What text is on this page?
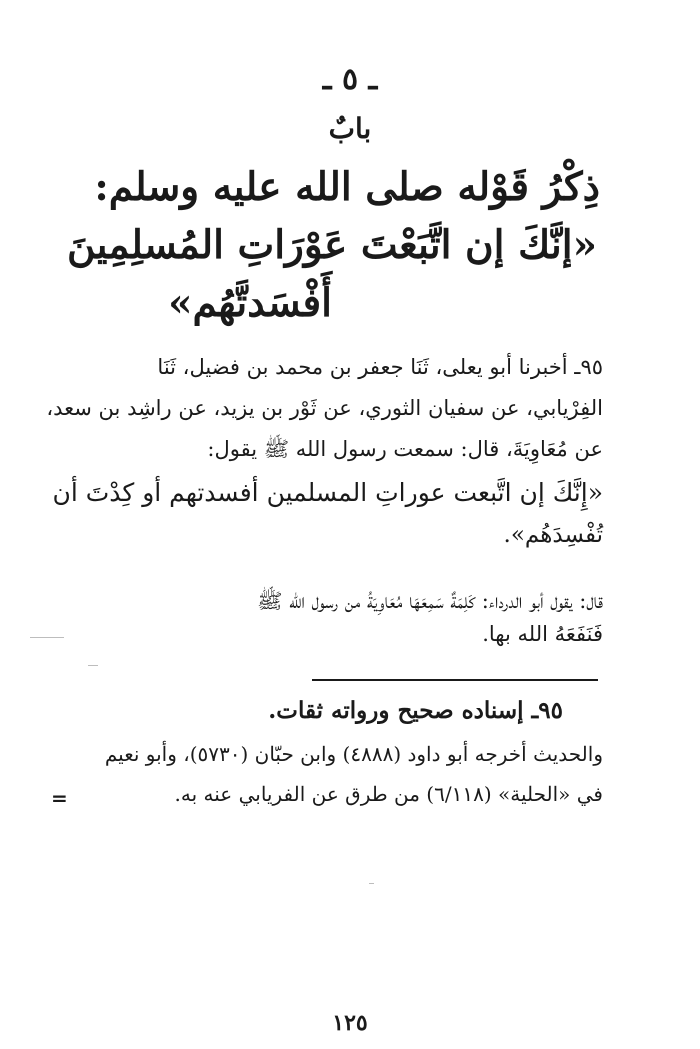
ـ ٥ ـ
بابٌ
ذِكْرُ قَوْله صلى الله عليه وسلم:
«إنَّكَ إن اتَّبَعْتَ عَوْرَاتِ المُسلِمِينَ
أَفْسَدتَّهُم»
٩٥ـ أخبرنا أبو يعلى، ثَنَا جعفر بن محمد بن فضيل، ثَنَا
الفِرْيابي، عن سفيان الثوري، عن ثَوْر بن يزيد، عن راشِد بن سعد،
عن مُعَاوِيَةَ، قال: سمعت رسول الله ﷺ يقول:
«إِنَّكَ إن اتَّبعت عوراتِ المسلمين أفسدتهم أو كِدْتَ أن
تُفْسِدَهُم».
قال: يقول أبو الدرداء: كَلِمَةٌ سَمِعَهَا مُعَاوِيَةُ من رسول الله ﷺ
فَنَفَعَهُ الله بها.
٩٥ـ إسناده صحيح ورواته ثقات.
والحديث أخرجه أبو داود (٤٨٨٨) وابن حبّان (٥٧٣٠)، وأبو نعيم
في «الحلية» (٦/١١٨) من طرق عن الفريابي عنه به.
=
١٢٥
